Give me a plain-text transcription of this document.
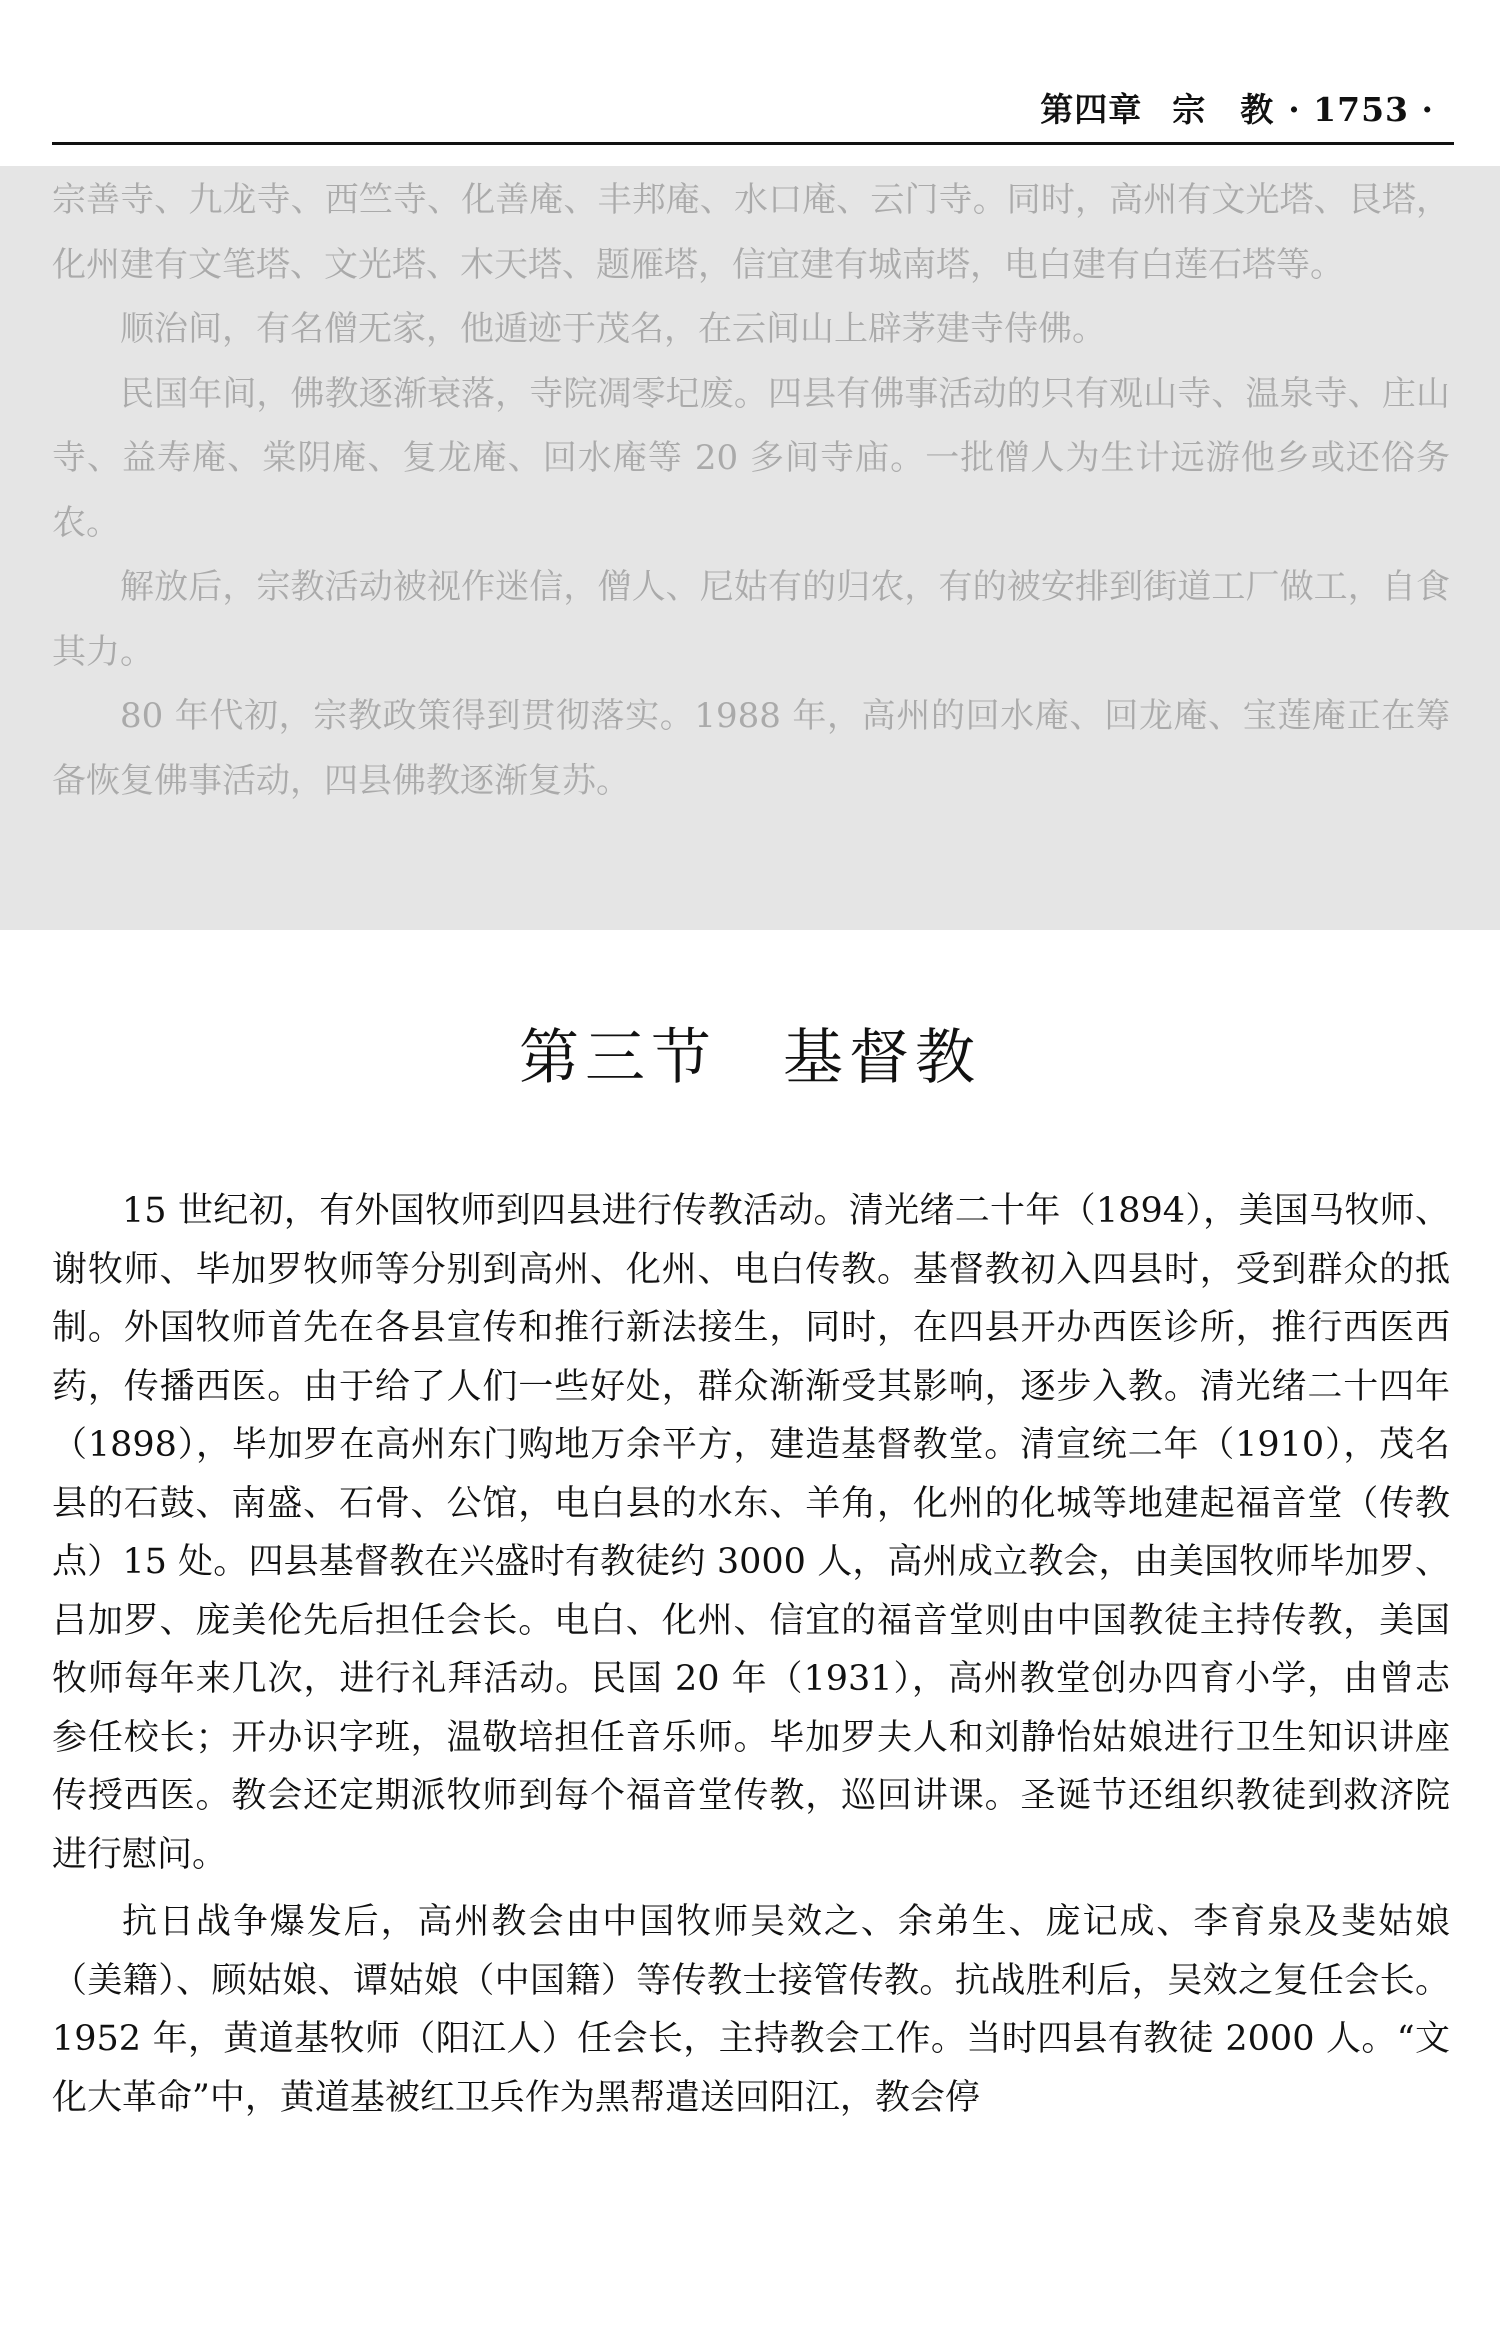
第四章 宗　教 · 1753 ·

宗善寺、九龙寺、西竺寺、化善庵、丰邦庵、水口庵、云门寺。同时，高州有文光塔、艮塔，化州建有文笔塔、文光塔、木天塔、题雁塔，信宜建有城南塔，电白建有白莲石塔等。

顺治间，有名僧无家，他遁迹于茂名，在云间山上辟茅建寺侍佛。

民国年间，佛教逐渐衰落，寺院凋零圮废。四县有佛事活动的只有观山寺、温泉寺、庄山寺、益寿庵、棠阴庵、复龙庵、回水庵等 20 多间寺庙。一批僧人为生计远游他乡或还俗务农。

解放后，宗教活动被视作迷信，僧人、尼姑有的归农，有的被安排到街道工厂做工，自食其力。

80 年代初，宗教政策得到贯彻落实。1988 年，高州的回水庵、回龙庵、宝莲庵正在筹备恢复佛事活动，四县佛教逐渐复苏。

第三节　基督教

15 世纪初，有外国牧师到四县进行传教活动。清光绪二十年（1894），美国马牧师、谢牧师、毕加罗牧师等分别到高州、化州、电白传教。基督教初入四县时，受到群众的抵制。外国牧师首先在各县宣传和推行新法接生，同时，在四县开办西医诊所，推行西医西药，传播西医。由于给了人们一些好处，群众渐渐受其影响，逐步入教。清光绪二十四年（1898），毕加罗在高州东门购地万余平方，建造基督教堂。清宣统二年（1910），茂名县的石鼓、南盛、石骨、公馆，电白县的水东、羊角，化州的化城等地建起福音堂（传教点）15 处。四县基督教在兴盛时有教徒约 3000 人，高州成立教会，由美国牧师毕加罗、吕加罗、庞美伦先后担任会长。电白、化州、信宜的福音堂则由中国教徒主持传教，美国牧师每年来几次，进行礼拜活动。民国 20 年（1931），高州教堂创办四育小学，由曾志参任校长；开办识字班，温敬培担任音乐师。毕加罗夫人和刘静怡姑娘进行卫生知识讲座传授西医。教会还定期派牧师到每个福音堂传教，巡回讲课。圣诞节还组织教徒到救济院进行慰问。

抗日战争爆发后，高州教会由中国牧师吴效之、余弟生、庞记成、李育泉及斐姑娘（美籍）、顾姑娘、谭姑娘（中国籍）等传教士接管传教。抗战胜利后，吴效之复任会长。1952 年，黄道基牧师（阳江人）任会长，主持教会工作。当时四县有教徒 2000 人。“文化大革命”中，黄道基被红卫兵作为黑帮遣送回阳江，教会停
